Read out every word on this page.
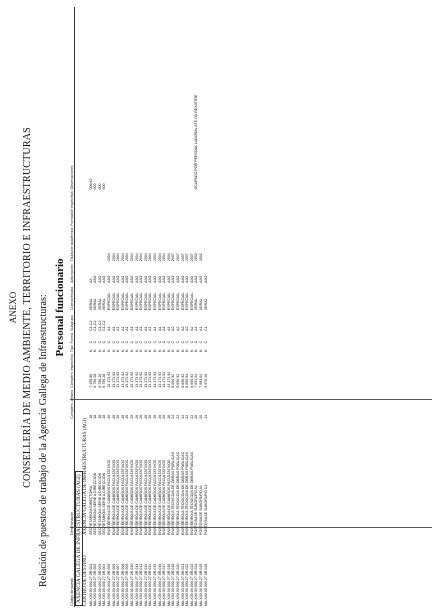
ANEXO CONSELLERÍA DE MEDIO AMBIENTE, TERRITORIO E INFRAESTRUCTURAS Relación de puestos de trabajo de la Agencia Gallega de Infraestructuras: Personal funcionario
Código de puesto	Denominación	Complem. destino	Complem. específico	Tipo	Forma	Subgrupo	Cuerpo/escala	Adscripción	Titulación académica	Formación específica	Observaciones
AXENCIA GALEGA DE INFRAESTRUCTURAS (AGI)											
CENTRO DE DESTINO	AXENCIA GALEGA DE INFRAESTRUCTURAS (AGI)										
MA.X00.00.000.27.0R.001	SECRETARIO/A DIRECTOR/A	18	7.458,86	N	C	C1-C2	XERAL	A3			006/40
MA.X00.00.000.27.0R.002	SECRETARIO/A SERIE A DIRECCIÓN	18	6.756,28	N	C	C1-C2	XERAL	A3O			600
MA.X00.00.000.27.0R.003	SECRETARIO/A SERIE A DIRECCIÓN	18	6.756,28	N	C	C1-C2	XERAL	A3O			600
MA.X00.00.000.27.0R.004	SECRETARIO/A SERIE A DIRECCIÓN	18	6.756,28	N	C	C1-C2	XERAL	A3O			600
MA.X00.00.000.27.0R.005	ENXEÑEIRO/A DE CAMIÑOS FACULTATIVOS	26	13.173,92	N	C	A1	ESPECIAL	A3O	2004		
MA.X00.00.000.27.0R.006	ENXEÑEIRO/A DE CAMIÑOS FACULTATIVOS	26	13.173,92	N	C	A1	ESPECIAL	A3O	2004		
MA.X00.00.000.27.0R.007	ENXEÑEIRO/A DE CAMIÑOS FACULTATIVOS	26	13.173,92	N	C	A1	ESPECIAL	A3O	2004		
MA.X00.00.000.27.0R.008	ENXEÑEIRO/A DE CAMIÑOS FACULTATIVOS	26	13.173,92	N	C	A1	ESPECIAL	A3O	2004		
MA.X00.00.000.27.0R.009	ENXEÑEIRO/A DE CAMIÑOS FACULTATIVOS	26	13.173,92	N	C	A1	ESPECIAL	A3O	2004		
MA.X00.00.000.27.0R.010	ENXEÑEIRO/A DE CAMIÑOS FACULTATIVOS	26	13.173,92	N	C	A1	ESPECIAL	A3O	2004		
MA.X00.00.000.27.0R.011	ENXEÑEIRO/A DE CAMIÑOS FACULTATIVOS	26	13.173,92	N	C	A1	ESPECIAL	A3O	2004		
MA.X00.00.000.27.0R.012	ENXEÑEIRO/A DE CAMIÑOS FACULTATIVOS	26	13.173,92	N	C	A1	ESPECIAL	A3O	2004		
MA.X00.00.000.27.0R.013	ENXEÑEIRO/A DE CAMIÑOS FACULTATIVOS	26	13.173,92	N	C	A1	ESPECIAL	A3O	2004		
MA.X00.00.000.27.0R.014	ENXEÑEIRO/A DE CAMIÑOS FACULTATIVOS	26	13.173,92	N	C	A1	ESPECIAL	A3O	2004		
MA.X00.00.000.27.0R.015	ENXEÑEIRO/A DE CAMIÑOS FACULTATIVOS	26	13.173,92	N	C	A1	ESPECIAL	A3O	2004		
MA.X00.00.000.27.0R.016	ENXEÑEIRO/A DE CAMIÑOS FACULTATIVOS	26	13.173,92	N	C	A1	ESPECIAL	A3O	2004		
MA.X00.00.000.27.0R.017	ENXEÑEIRO/A DE CAMIÑOS FACULTATIVOS	26	13.173,92	N	C	A1	ESPECIAL	A3O	2004		
MA.X00.00.000.27.0R.018	ENXEÑEIRO/A DE CAMIÑOS FACULTATIVOS	26	13.173,92	N	C	A1	ESPECIAL	A3O	2004		
MA.X00.00.000.27.0R.019	ENXEÑEIRO/A TÉCNICO/A DE OBRAS PÚBLICAS	22	8.650,92	N	C	A2	ESPECIAL	A3O	2007		
MA.X00.00.000.27.0R.020	ENXEÑEIRO/A TÉCNICO/A DE OBRAS PÚBLICAS	22	8.650,92	N	C	A2	ESPECIAL	A3O	2007		
MA.X00.00.000.27.0R.021	ENXEÑEIRO/A TÉCNICO/A DE OBRAS PÚBLICAS	22	8.650,92	N	C	A2	ESPECIAL	A3O	2007		
MA.X00.00.000.27.0R.022	ENXEÑEIRO/A TÉCNICO/A DE OBRAS PÚBLICAS	22	8.650,92	N	C	A2	ESPECIAL	A3O	2007		
MA.X00.00.000.27.0R.023	ENXEÑEIRO/A TÉCNICO/A DE OBRAS PÚBLICAS	22	8.650,92	N	C	A2	ESPECIAL	A3O	2007		
MA.X00.00.000.27.0R.024	POSTO BASE SUBGRUPO A1	20	7.091,04	N	C	A1	XERAL	A3O	2002		OCUPADO POR PERSOAL LABORAL ATÉ OU REXISTRE
MA.X00.00.000.27.0R.025	POSTO BASE SUBGRUPO A1	20	7.091,04	N	C	A1	XERAL	A3O	2002		
MA.X00.00.000.27.0R.026	POSTO BASE SUBGRUPO C1	14	5.970,46	N	C	C1	XERAL	A3O			
